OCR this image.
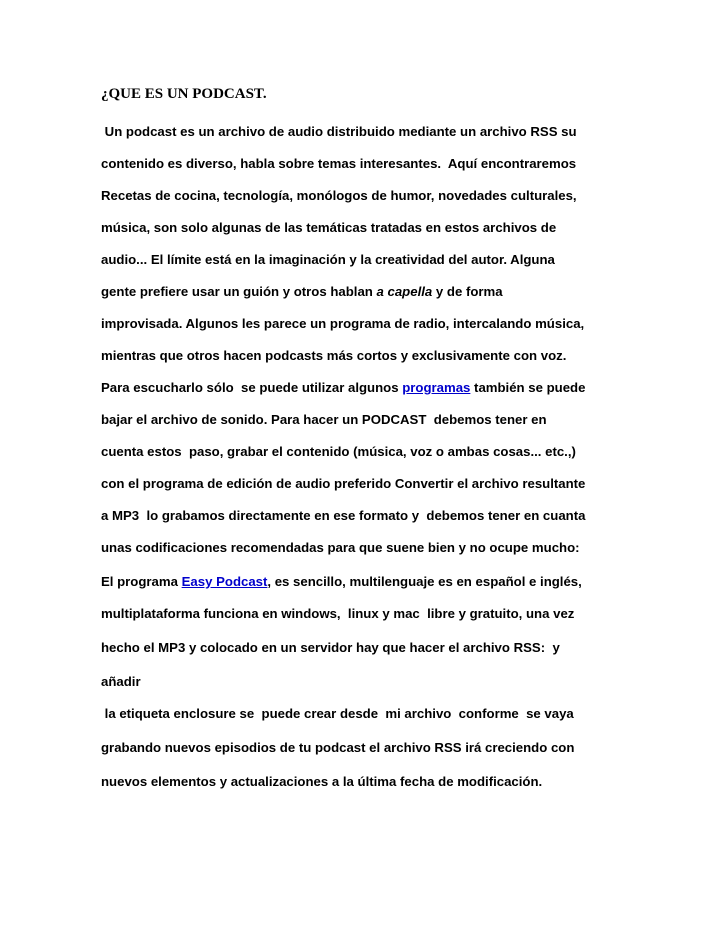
¿QUE ES UN PODCAST.

Un podcast es un archivo de audio distribuido mediante un archivo RSS su

contenido es diverso, habla sobre temas interesantes.  Aquí encontraremos

Recetas de cocina, tecnología, monólogos de humor, novedades culturales,

música, son solo algunas de las temáticas tratadas en estos archivos de

audio... El límite está en la imaginación y la creatividad del autor. Alguna

gente prefiere usar un guión y otros hablan a capella y de forma

improvisada. Algunos les parece un programa de radio, intercalando música,

mientras que otros hacen podcasts más cortos y exclusivamente con voz.

Para escucharlo sólo  se puede utilizar algunos programas también se puede

bajar el archivo de sonido. Para hacer un PODCAST  debemos tener en

cuenta estos  paso, grabar el contenido (música, voz o ambas cosas... etc.,)

con el programa de edición de audio preferido Convertir el archivo resultante

a MP3  lo grabamos directamente en ese formato y  debemos tener en cuanta

unas codificaciones recomendadas para que suene bien y no ocupe mucho:

El programa Easy Podcast, es sencillo, multilenguaje es en español e inglés,

multiplataforma funciona en windows,  linux y mac  libre y gratuito, una vez

hecho el MP3 y colocado en un servidor hay que hacer el archivo RSS:  y

añadir

la etiqueta enclosure se  puede crear desde  mi archivo  conforme  se vaya

grabando nuevos episodios de tu podcast el archivo RSS irá creciendo con

nuevos elementos y actualizaciones a la última fecha de modificación.
